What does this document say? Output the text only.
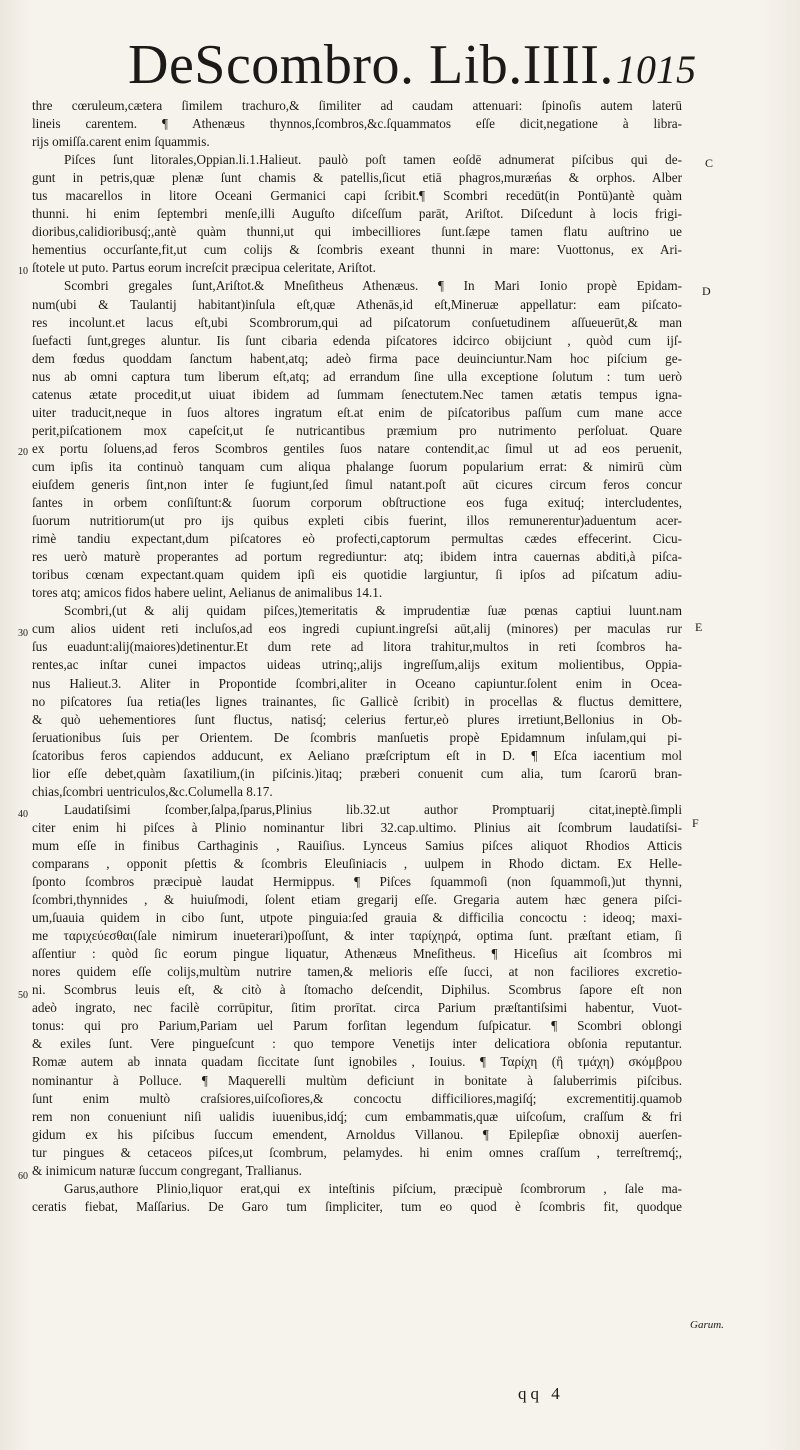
DeScombro. Lib.IIII. 1015
thre cœruleum,cætera ſimilem trachuro,& ſimiliter ad caudam attenuari: ſpinoſis autem laterū
lineis carentem. ¶ Athenæus thynnos,ſcombros,&c.ſquammatos eſſe dicit,negatione à libra-
rijs omiſſa.carent enim ſquammis.
Piſces ſunt litorales,Oppian.li.1.Halieut. paulò poſt tamen eoſdē adnumerat piſcibus qui de-
gunt in petris,quæ plenæ ſunt chamis & patellis,ſicut etiā phagros,muræńas & orphos. Alber
tus macarellos in litore Oceani Germanici capi ſcribit.¶ Scombri recedūt(in Pontū)antè quàm
thunni. hi enim ſeptembri menſe,illi Auguſto diſceſſum parāt, Ariſtot. Diſcedunt à locis frigi-
dioribus,calidioribusq́;,antè quàm thunni,ut qui imbecilliores ſunt.ſæpe tamen flatu auſtrino ue
hementius occurſante,fit,ut cum colijs & ſcombris exeant thunni in mare: Vuottonus, ex Ari-
ſtotele ut puto. Partus eorum increſcit præcipua celeritate, Ariſtot.
Scombri gregales ſunt,Ariſtot.& Mneſitheus Athenæus. ¶ In Mari Ionio propè Epidam-
num(ubi & Taulantij habitant)inſula eſt,quæ Athenās,id eſt,Mineruæ appellatur: eam piſcato-
res incolunt.et lacus eſt,ubi Scombrorum,qui ad piſcatorum conſuetudinem aſſueuerūt,& man
ſuefacti ſunt,greges aluntur. Iis ſunt cibaria edenda piſcatores idcirco obijciunt , quòd cum ijſ-
dem fœdus quoddam ſanctum habent,atq; adeò firma pace deuinciuntur.Nam hoc piſcium ge-
nus ab omni captura tum liberum eſt,atq; ad errandum ſine ulla exceptione ſolutum : tum uerò
catenus ætate procedit,ut uiuat ibidem ad ſummam ſenectutem.Nec tamen ætatis tempus igna-
uiter traducit,neque in ſuos altores ingratum eſt.at enim de piſcatoribus paſſum cum mane acce
perit,piſcationem mox capeſcit,ut ſe nutricantibus præmium pro nutrimento perſoluat. Quare
ex portu ſoluens,ad feros Scombros gentiles ſuos natare contendit,ac ſimul ut ad eos peruenit,
cum ipſis ita continuò tanquam cum aliqua phalange ſuorum popularium errat: & nimirū cùm
eiuſdem generis ſint,non inter ſe fugiunt,ſed ſimul natant.poſt aūt cicures circum feros concur
ſantes in orbem conſiſtunt:& ſuorum corporum obſtructione eos fuga exituq́; intercludentes,
ſuorum nutritiorum(ut pro ijs quibus expleti cibis fuerint, illos remunerentur)aduentum acer-
rimè tandiu expectant,dum piſcatores eò profecti,captorum permultas cædes effecerint. Cicu-
res uerò maturè properantes ad portum regrediuntur: atq; ibidem intra cauernas abditi,à piſca-
toribus cœnam expectant.quam quidem ipſi eis quotidie largiuntur, ſi ipſos ad piſcatum adiu-
tores atq; amicos fidos habere uelint, Aelianus de animalibus 14.1.
Scombri,(ut & alij quidam piſces,)temeritatis & imprudentiæ ſuæ pœnas captiui luunt.nam
cum alios uident reti incluſos,ad eos ingredi cupiunt.ingreſsi aūt,alij (minores) per maculas rur
ſus euadunt:alij(maiores)detinentur.Et dum rete ad litora trahitur,multos in reti ſcombros ha-
rentes,ac inſtar cunei impactos uideas utrinq;,alijs ingreſſum,alijs exitum molientibus, Oppia-
nus Halieut.3. Aliter in Propontide ſcombri,aliter in Oceano capiuntur.ſolent enim in Ocea-
no piſcatores ſua retia(les lignes trainantes, ſic Gallicè ſcribit) in procellas & fluctus demittere,
& quò uehementiores ſunt fluctus, natisq́; celerius fertur,eò plures irretiunt,Bellonius in Ob-
ſeruationibus ſuis per Orientem. De ſcombris manſuetis propè Epidamnum inſulam,qui pi-
ſcatoribus feros capiendos adducunt, ex Aeliano præſcriptum eſt in D. ¶ Eſca iacentium mol
lior eſſe debet,quàm ſaxatilium,(in piſcinis.)itaq; præberi conuenit cum alia, tum ſcarorū bran-
chias,ſcombri uentriculos,&c.Columella 8.17.
Laudatiſsimi ſcomber,ſalpa,ſparus,Plinius lib.32.ut author Promptuarij citat,ineptè.ſimpli
citer enim hi piſces à Plinio nominantur libri 32.cap.ultimo. Plinius ait ſcombrum laudatiſsi-
mum eſſe in finibus Carthaginis , Rauiſius. Lynceus Samius piſces aliquot Rhodios Atticis
comparans , opponit pſettis & ſcombris Eleuſiniacis , uulpem in Rhodo dictam. Ex Helle-
ſponto ſcombros præcipuè laudat Hermippus. ¶ Piſces ſquammoſi (non ſquammoſi,)ut thynni,
ſcombri,thynnides , & huiuſmodi, ſolent etiam gregarij eſſe. Gregaria autem hæc genera piſci-
um,ſuauia quidem in cibo ſunt, utpote pinguia:ſed grauia & difficilia concoctu : ideoq; maxi-
me ταριχεύεσθαι(ſale nimirum inueterari)poſſunt, & inter ταρίχηρά, optima ſunt. præſtant etiam, ſi
aſſentiur : quòd ſic eorum pingue liquatur, Athenæus Mneſitheus. ¶ Hiceſius ait ſcombros mi
nores quidem eſſe colijs,multùm nutrire tamen,& melioris eſſe ſucci, at non faciliores excretio-
ni. Scombrus leuis eſt, & citò à ſtomacho deſcendit, Diphilus. Scombrus ſapore eſt non
adeò ingrato, nec facilè corrūpitur, ſitim prorītat. circa Parium præſtantiſsimi habentur, Vuot-
tonus: qui pro Parium,Pariam uel Parum forſitan legendum ſuſpicatur. ¶ Scombri oblongi
& exiles ſunt. Vere pingueſcunt : quo tempore Venetijs inter delicatiora obſonia reputantur.
Romæ autem ab innata quadam ſiccitate ſunt ignobiles , Iouius. ¶ Ταρίχη (ἢ τμάχη) σκόμβρου
nominantur à Polluce. ¶ Maquerelli multùm deficiunt in bonitate à ſaluberrimis piſcibus.
ſunt enim multò craſsiores,uiſcoſiores,& concoctu difficiliores,magiſq́; excrementitij.quamob
rem non conueniunt niſi ualidis iuuenibus,idq́; cum embammatis,quæ uiſcoſum, craſſum & fri
gidum ex his piſcibus ſuccum emendent, Arnoldus Villanou. ¶ Epilepſiæ obnoxij auerſen-
tur pingues & cetaceos piſces,ut ſcombrum, pelamydes. hi enim omnes craſſum , terreſtremq́;,
& inimicum naturæ ſuccum congregant, Trallianus.
Garus,authore Plinio,liquor erat,qui ex inteſtinis piſcium, præcipuè ſcombrorum , ſale ma-
ceratis fiebat, Maſſarius. De Garo tum ſimpliciter, tum eo quod è ſcombris fit, quodque
C
D
E
F
Garum.
10
20
30
40
50
60
qq 4
